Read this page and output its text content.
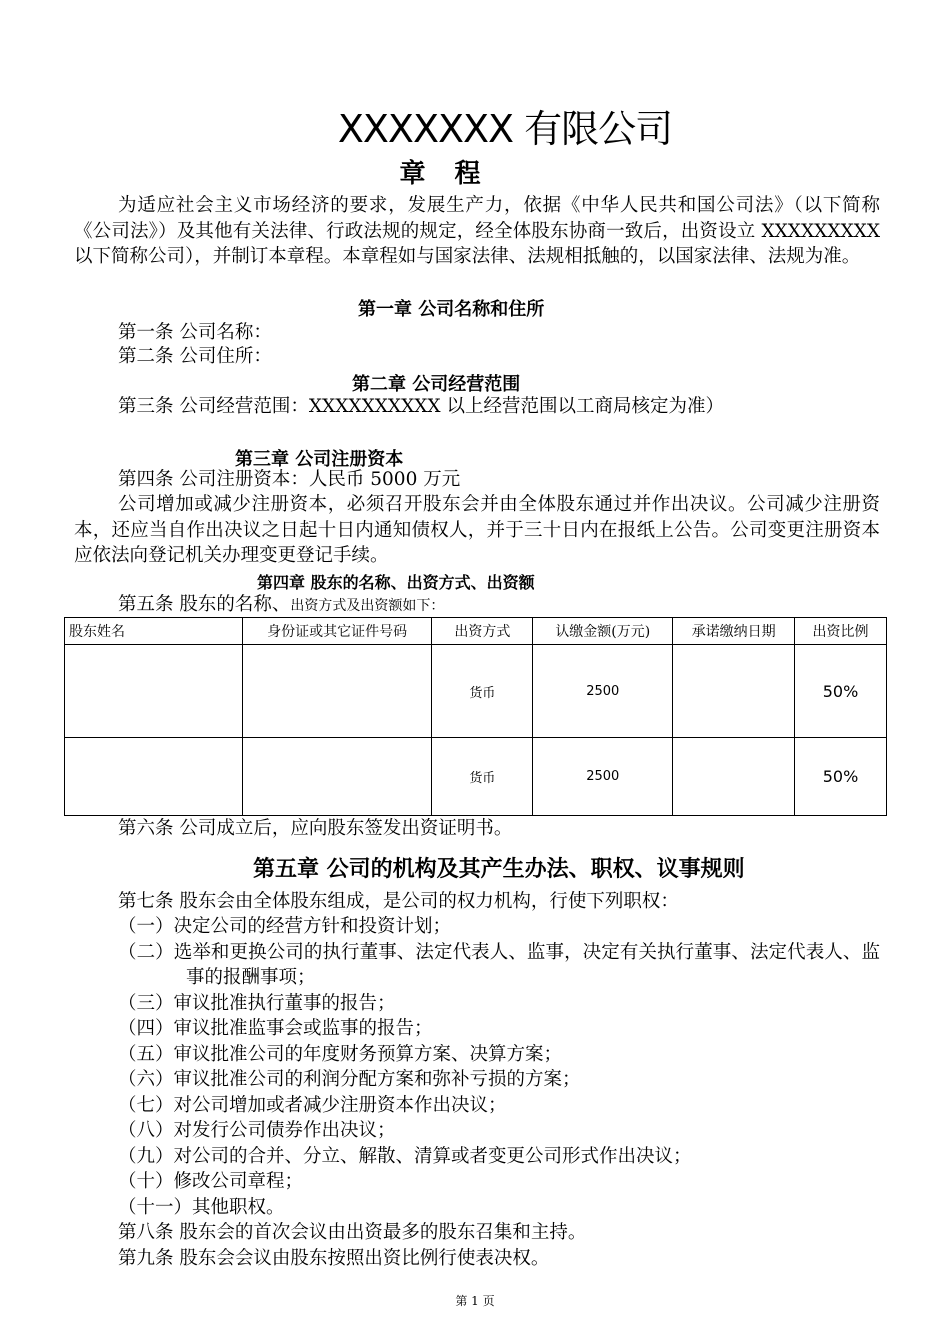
XXXXXXX 有限公司
章 程
为适应社会主义市场经济的要求，发展生产力，依据《中华人民共和国公司法》（以下简称《公司法》）及其他有关法律、行政法规的规定，经全体股东协商一致后，出资设立 XXXXXXXXX 以下简称公司），并制订本章程。本章程如与国家法律、法规相抵触的，以国家法律、法规为准。
第一章 公司名称和住所
第一条 公司名称：
第二条 公司住所：
第二章 公司经营范围
第三条 公司经营范围：XXXXXXXXXX 以上经营范围以工商局核定为准）
第三章 公司注册资本
第四条 公司注册资本：人民币 5000 万元
公司增加或减少注册资本，必须召开股东会并由全体股东通过并作出决议。公司减少注册资本，还应当自作出决议之日起十日内通知债权人，并于三十日内在报纸上公告。公司变更注册资本应依法向登记机关办理变更登记手续。
第四章 股东的名称、出资方式、出资额
第五条 股东的名称、出资方式及出资额如下：
股东姓名	身份证或其它证件号码	出资方式	认缴金额(万元)	承诺缴纳日期	出资比例
		货币	2500		50%
		货币	2500		50%
第六条 公司成立后，应向股东签发出资证明书。
第五章 公司的机构及其产生办法、职权、议事规则
第七条 股东会由全体股东组成，是公司的权力机构，行使下列职权：
（一）决定公司的经营方针和投资计划；
（二）选举和更换公司的执行董事、法定代表人、监事，决定有关执行董事、法定代表人、监事的报酬事项；
（三）审议批准执行董事的报告；
（四）审议批准监事会或监事的报告；
（五）审议批准公司的年度财务预算方案、决算方案；
（六）审议批准公司的利润分配方案和弥补亏损的方案；
（七）对公司增加或者减少注册资本作出决议；
（八）对发行公司债券作出决议；
（九）对公司的合并、分立、解散、清算或者变更公司形式作出决议；
（十）修改公司章程；
（十一）其他职权。
第八条 股东会的首次会议由出资最多的股东召集和主持。
第九条 股东会会议由股东按照出资比例行使表决权。
第 1 页
